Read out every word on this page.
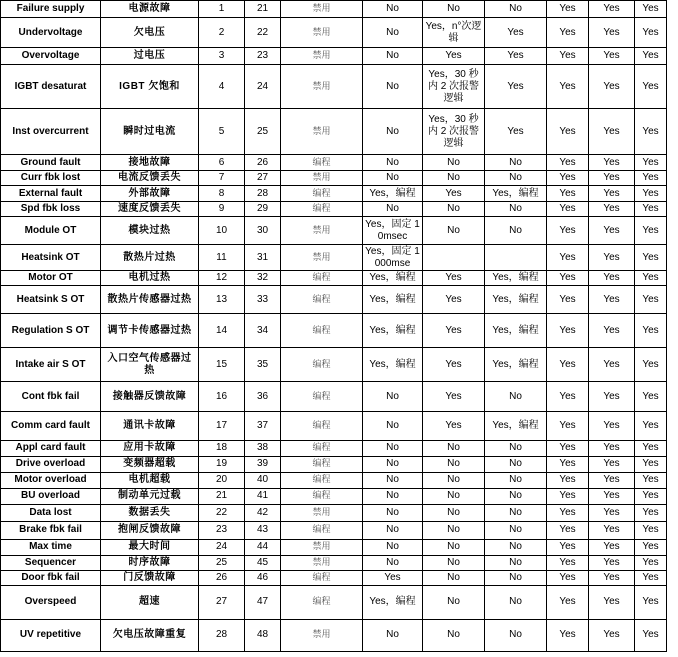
Failure supply	电源故障	1	21	禁用	No	No	No	Yes	Yes	Yes
Undervoltage	欠电压	2	22	禁用	No	Yes，n°次逻辑	Yes	Yes	Yes	Yes
Overvoltage	过电压	3	23	禁用	No	Yes	Yes	Yes	Yes	Yes
IGBT desaturat	IGBT 欠饱和	4	24	禁用	No	Yes，30 秒内 2 次报警逻辑	Yes	Yes	Yes	Yes
Inst overcurrent	瞬时过电流	5	25	禁用	No	Yes，30 秒内 2 次报警逻辑	Yes	Yes	Yes	Yes
Ground fault	接地故障	6	26	编程	No	No	No	Yes	Yes	Yes
Curr fbk lost	电流反馈丢失	7	27	禁用	No	No	No	Yes	Yes	Yes
External fault	外部故障	8	28	编程	Yes，编程	Yes	Yes，编程	Yes	Yes	Yes
Spd fbk loss	速度反馈丢失	9	29	编程	No	No	No	Yes	Yes	Yes
Module OT	模块过热	10	30	禁用	Yes，固定 10msec	No	No	Yes	Yes	Yes
Heatsink OT	散热片过热	11	31	禁用	Yes，固定 1000mse			Yes	Yes	Yes
Motor OT	电机过热	12	32	编程	Yes，编程	Yes	Yes，编程	Yes	Yes	Yes
Heatsink S OT	散热片传感器过热	13	33	编程	Yes，编程	Yes	Yes，编程	Yes	Yes	Yes
Regulation S OT	调节卡传感器过热	14	34	编程	Yes，编程	Yes	Yes，编程	Yes	Yes	Yes
Intake air S OT	入口空气传感器过热	15	35	编程	Yes，编程	Yes	Yes，编程	Yes	Yes	Yes
Cont fbk fail	接触器反馈故障	16	36	编程	No	Yes	No	Yes	Yes	Yes
Comm card fault	通讯卡故障	17	37	编程	No	Yes	Yes，编程	Yes	Yes	Yes
Appl card fault	应用卡故障	18	38	编程	No	No	No	Yes	Yes	Yes
Drive overload	变频器超载	19	39	编程	No	No	No	Yes	Yes	Yes
Motor overload	电机超载	20	40	编程	No	No	No	Yes	Yes	Yes
BU overload	制动单元过载	21	41	编程	No	No	No	Yes	Yes	Yes
Data lost	数据丢失	22	42	禁用	No	No	No	Yes	Yes	Yes
Brake fbk fail	抱闸反馈故障	23	43	编程	No	No	No	Yes	Yes	Yes
Max time	最大时间	24	44	禁用	No	No	No	Yes	Yes	Yes
Sequencer	时序故障	25	45	禁用	No	No	No	Yes	Yes	Yes
Door fbk fail	门反馈故障	26	46	编程	Yes	No	No	Yes	Yes	Yes
Overspeed	超速	27	47	编程	Yes，编程	No	No	Yes	Yes	Yes
UV repetitive	欠电压故障重复	28	48	禁用	No	No	No	Yes	Yes	Yes
